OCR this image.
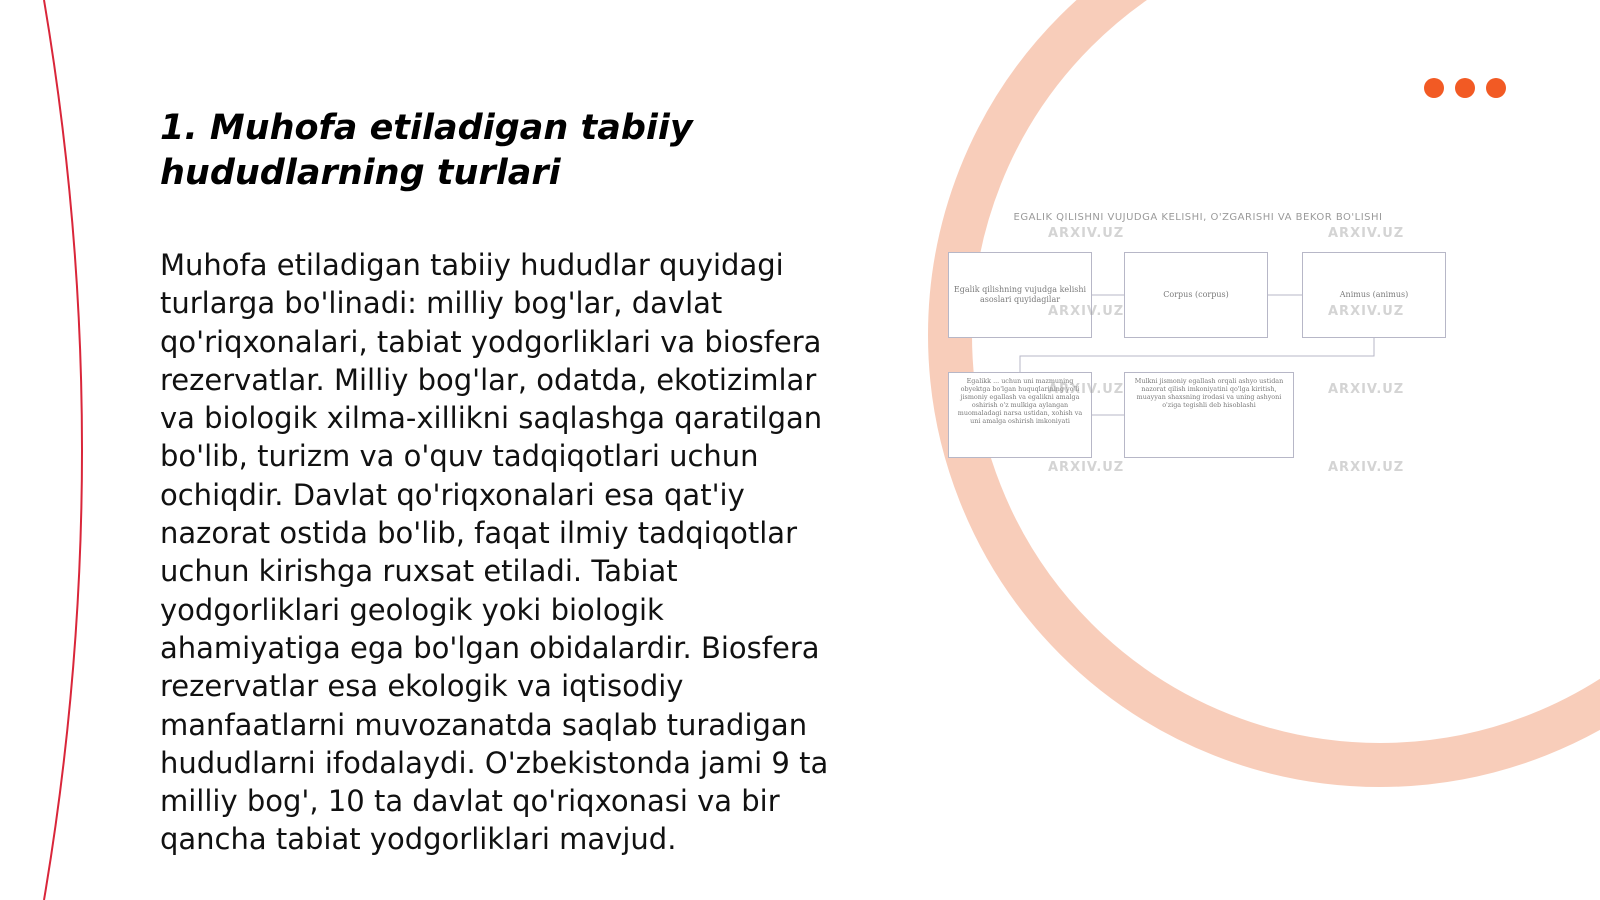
1. Muhofa etiladigan tabiiy hududlarning turlari
Muhofa etiladigan tabiiy hududlar quyidagi turlarga bo'linadi: milliy bog'lar, davlat qo'riqxonalari, tabiat yodgorliklari va biosfera rezervatlar. Milliy bog'lar, odatda, ekotizimlar va biologik xilma-xillikni saqlashga qaratilgan bo'lib, turizm va o'quv tadqiqotlari uchun ochiqdir. Davlat qo'riqxonalari esa qat'iy nazorat ostida bo'lib, faqat ilmiy tadqiqotlar uchun kirishga ruxsat etiladi. Tabiat yodgorliklari geologik yoki biologik ahamiyatiga ega bo'lgan obidalardir. Biosfera rezervatlar esa ekologik va iqtisodiy manfaatlarni muvozanatda saqlab turadigan hududlarni ifodalaydi. O'zbekistonda jami 9 ta milliy bog', 10 ta davlat qo'riqxonasi va bir qancha tabiat yodgorliklari mavjud.
EGALIK QILISHNI VUJUDGA KELISHI, O'ZGARISHI VA BEKOR BO'LISHI
Egalik qilishning vujudga kelishi asoslari quyidagilar
Corpus (corpus)	Animus (animus)
Egalikk ... uchun uni mazmuning obyektga bo'lgan huquqlarining yo'li jismoniy egallash va egalikni amalga oshirish o'z mulkiga aylangan muomaladagi narsa ustidan, xohish va uni amalga oshirish imkoniyati
Mulkni jismoniy egallash orqali ashyo ustidan nazorat qilish imkoniyatini qo'lga kiritish, muayyan shaxsning irodasi va uning ashyoni o'ziga tegishli deb hisoblashi
ARXIV.UZ	ARXIV.UZ
ARXIV.UZ	ARXIV.UZ
ARXIV.UZ	ARXIV.UZ
ARXIV.UZ	ARXIV.UZ
